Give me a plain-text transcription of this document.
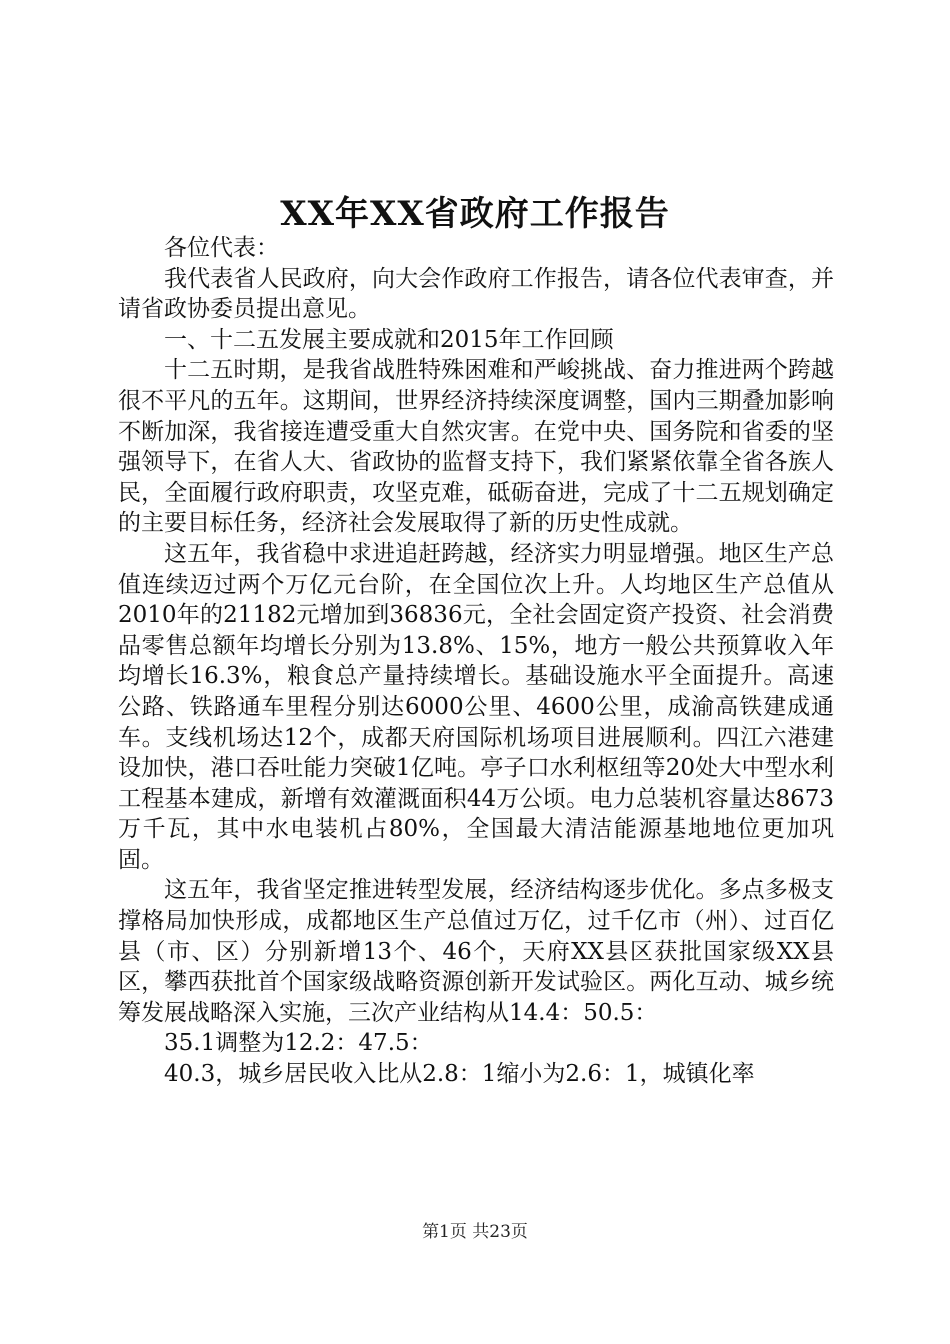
XX年XX省政府工作报告

各位代表：

我代表省人民政府，向大会作政府工作报告，请各位代表审查，并请省政协委员提出意见。

一、十二五发展主要成就和2015年工作回顾

十二五时期，是我省战胜特殊困难和严峻挑战、奋力推进两个跨越很不平凡的五年。这期间，世界经济持续深度调整，国内三期叠加影响不断加深，我省接连遭受重大自然灾害。在党中央、国务院和省委的坚强领导下，在省人大、省政协的监督支持下，我们紧紧依靠全省各族人民，全面履行政府职责，攻坚克难，砥砺奋进，完成了十二五规划确定的主要目标任务，经济社会发展取得了新的历史性成就。

这五年，我省稳中求进追赶跨越，经济实力明显增强。地区生产总值连续迈过两个万亿元台阶，在全国位次上升。人均地区生产总值从2010年的21182元增加到36836元，全社会固定资产投资、社会消费品零售总额年均增长分别为13.8%、15%，地方一般公共预算收入年均增长16.3%，粮食总产量持续增长。基础设施水平全面提升。高速公路、铁路通车里程分别达6000公里、4600公里，成渝高铁建成通车。支线机场达12个，成都天府国际机场项目进展顺利。四江六港建设加快，港口吞吐能力突破1亿吨。亭子口水利枢纽等20处大中型水利工程基本建成，新增有效灌溉面积44万公顷。电力总装机容量达8673万千瓦，其中水电装机占80%，全国最大清洁能源基地地位更加巩固。

这五年，我省坚定推进转型发展，经济结构逐步优化。多点多极支撑格局加快形成，成都地区生产总值过万亿，过千亿市（州）、过百亿县（市、区）分别新增13个、46个，天府XX县区获批国家级XX县区，攀西获批首个国家级战略资源创新开发试验区。两化互动、城乡统筹发展战略深入实施，三次产业结构从14.4：50.5：

35.1调整为12.2：47.5：

40.3，城乡居民收入比从2.8：1缩小为2.6：1，城镇化率

第1页 共23页
